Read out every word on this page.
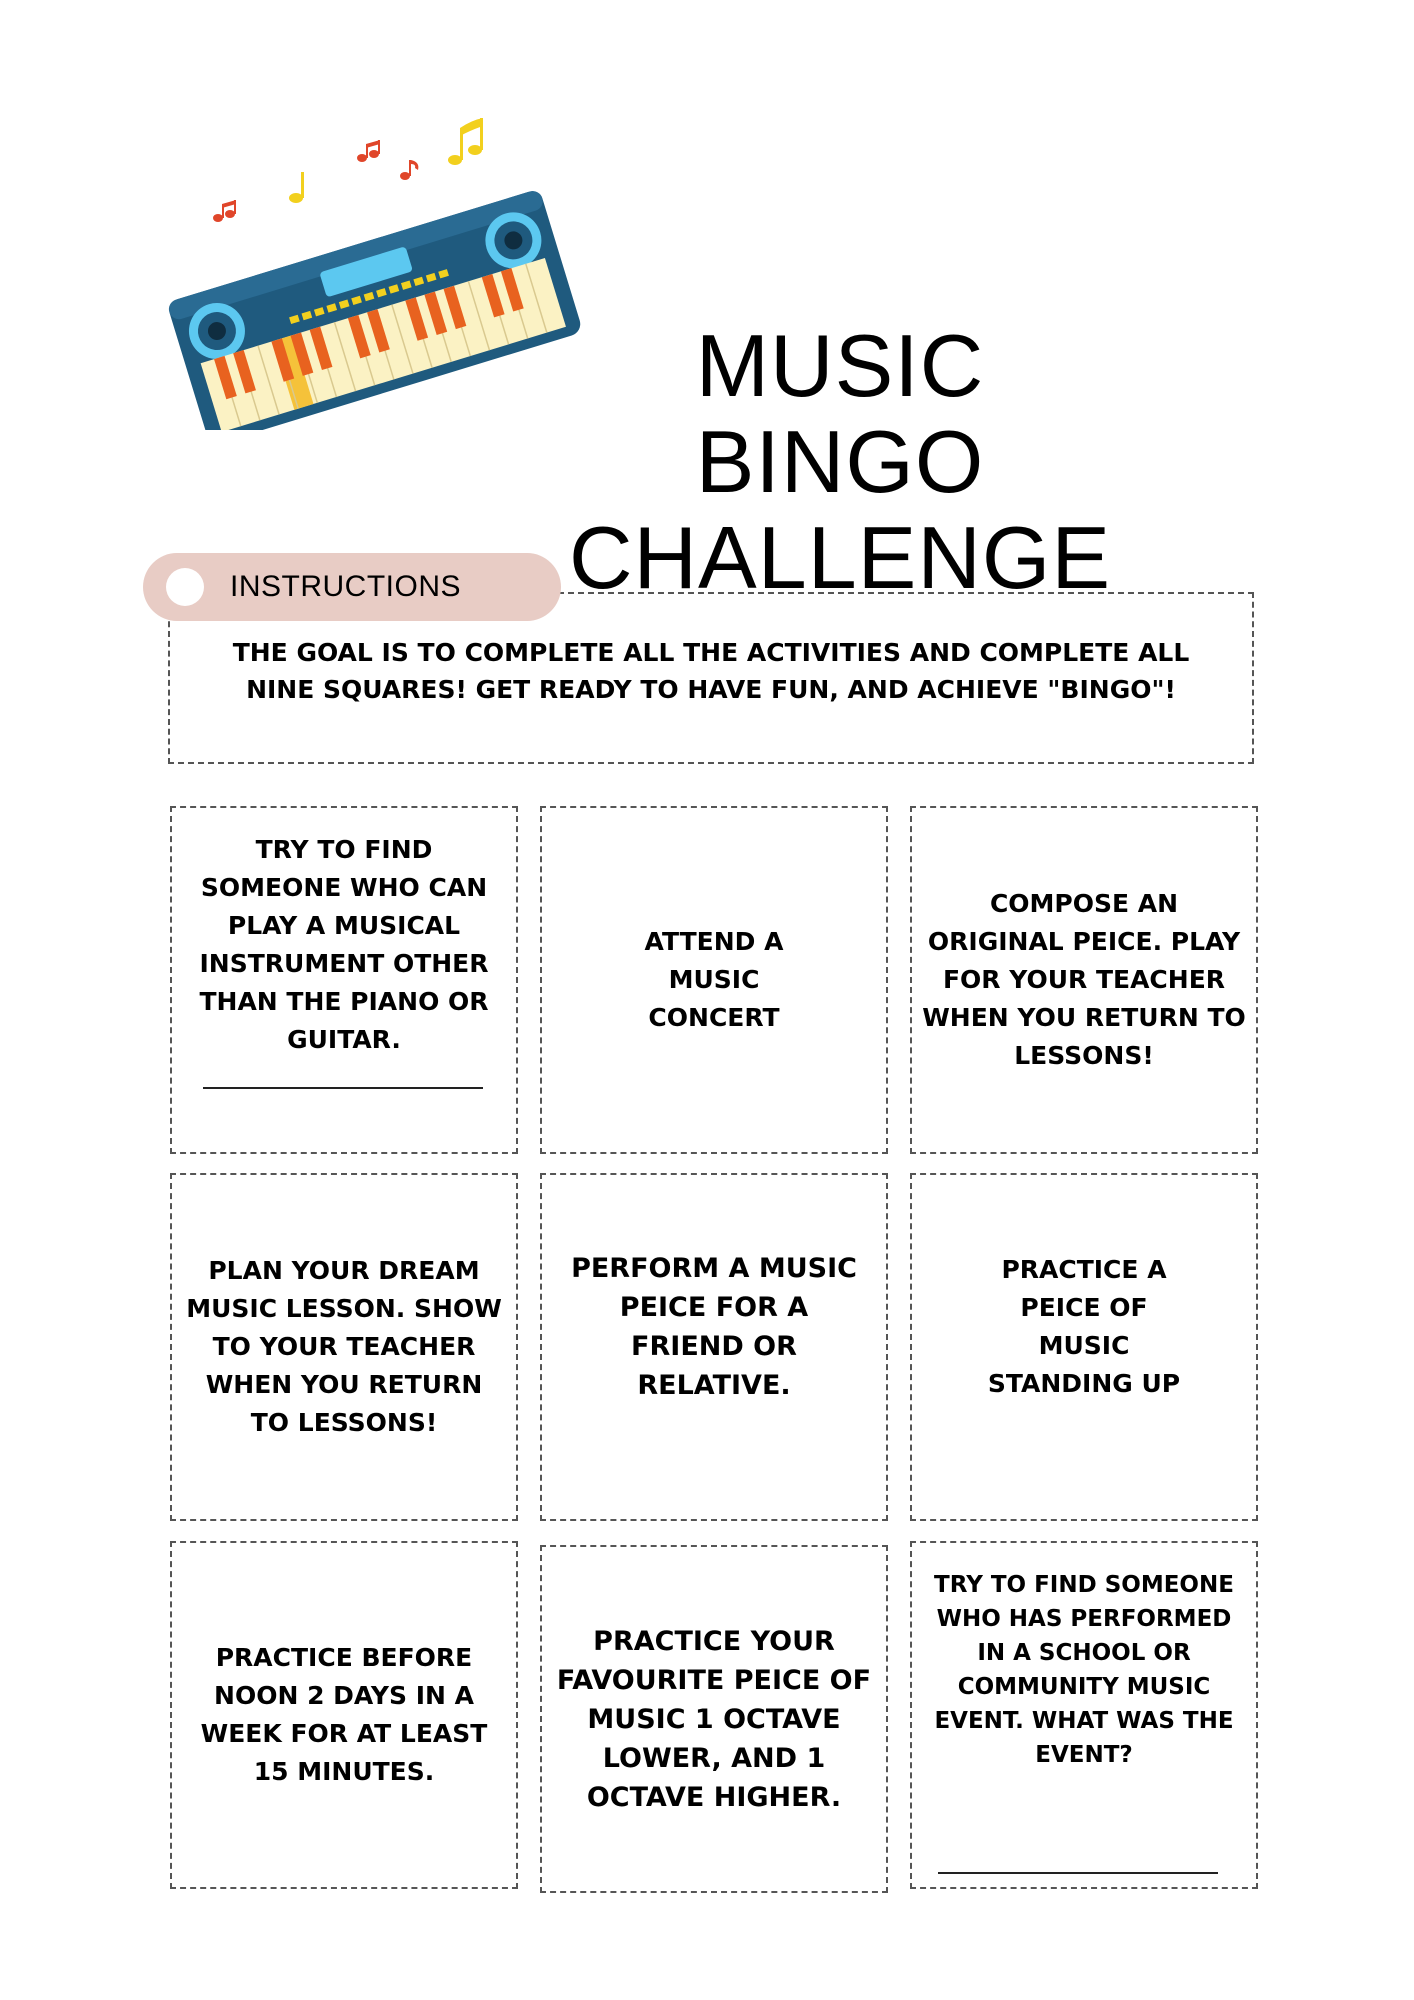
MUSIC
BINGO CHALLENGE
THE GOAL IS TO COMPLETE ALL THE ACTIVITIES AND COMPLETE ALL NINE SQUARES! GET READY TO HAVE FUN, AND ACHIEVE "BINGO"!
INSTRUCTIONS
TRY TO FIND SOMEONE WHO CAN PLAY A MUSICAL INSTRUMENT OTHER THAN THE PIANO OR GUITAR.
ATTEND A MUSIC CONCERT
COMPOSE AN ORIGINAL PEICE. PLAY FOR YOUR TEACHER WHEN YOU RETURN TO LESSONS!
PLAN YOUR DREAM MUSIC LESSON. SHOW TO YOUR TEACHER WHEN YOU RETURN TO LESSONS!
PERFORM A MUSIC PEICE FOR A FRIEND OR RELATIVE.
PRACTICE A PEICE OF MUSIC STANDING UP
PRACTICE BEFORE NOON 2 DAYS IN A WEEK FOR AT LEAST 15 MINUTES.
PRACTICE YOUR FAVOURITE PEICE OF MUSIC 1 OCTAVE LOWER, AND 1 OCTAVE HIGHER.
TRY TO FIND SOMEONE WHO HAS PERFORMED IN A SCHOOL OR COMMUNITY MUSIC EVENT. WHAT WAS THE EVENT?
